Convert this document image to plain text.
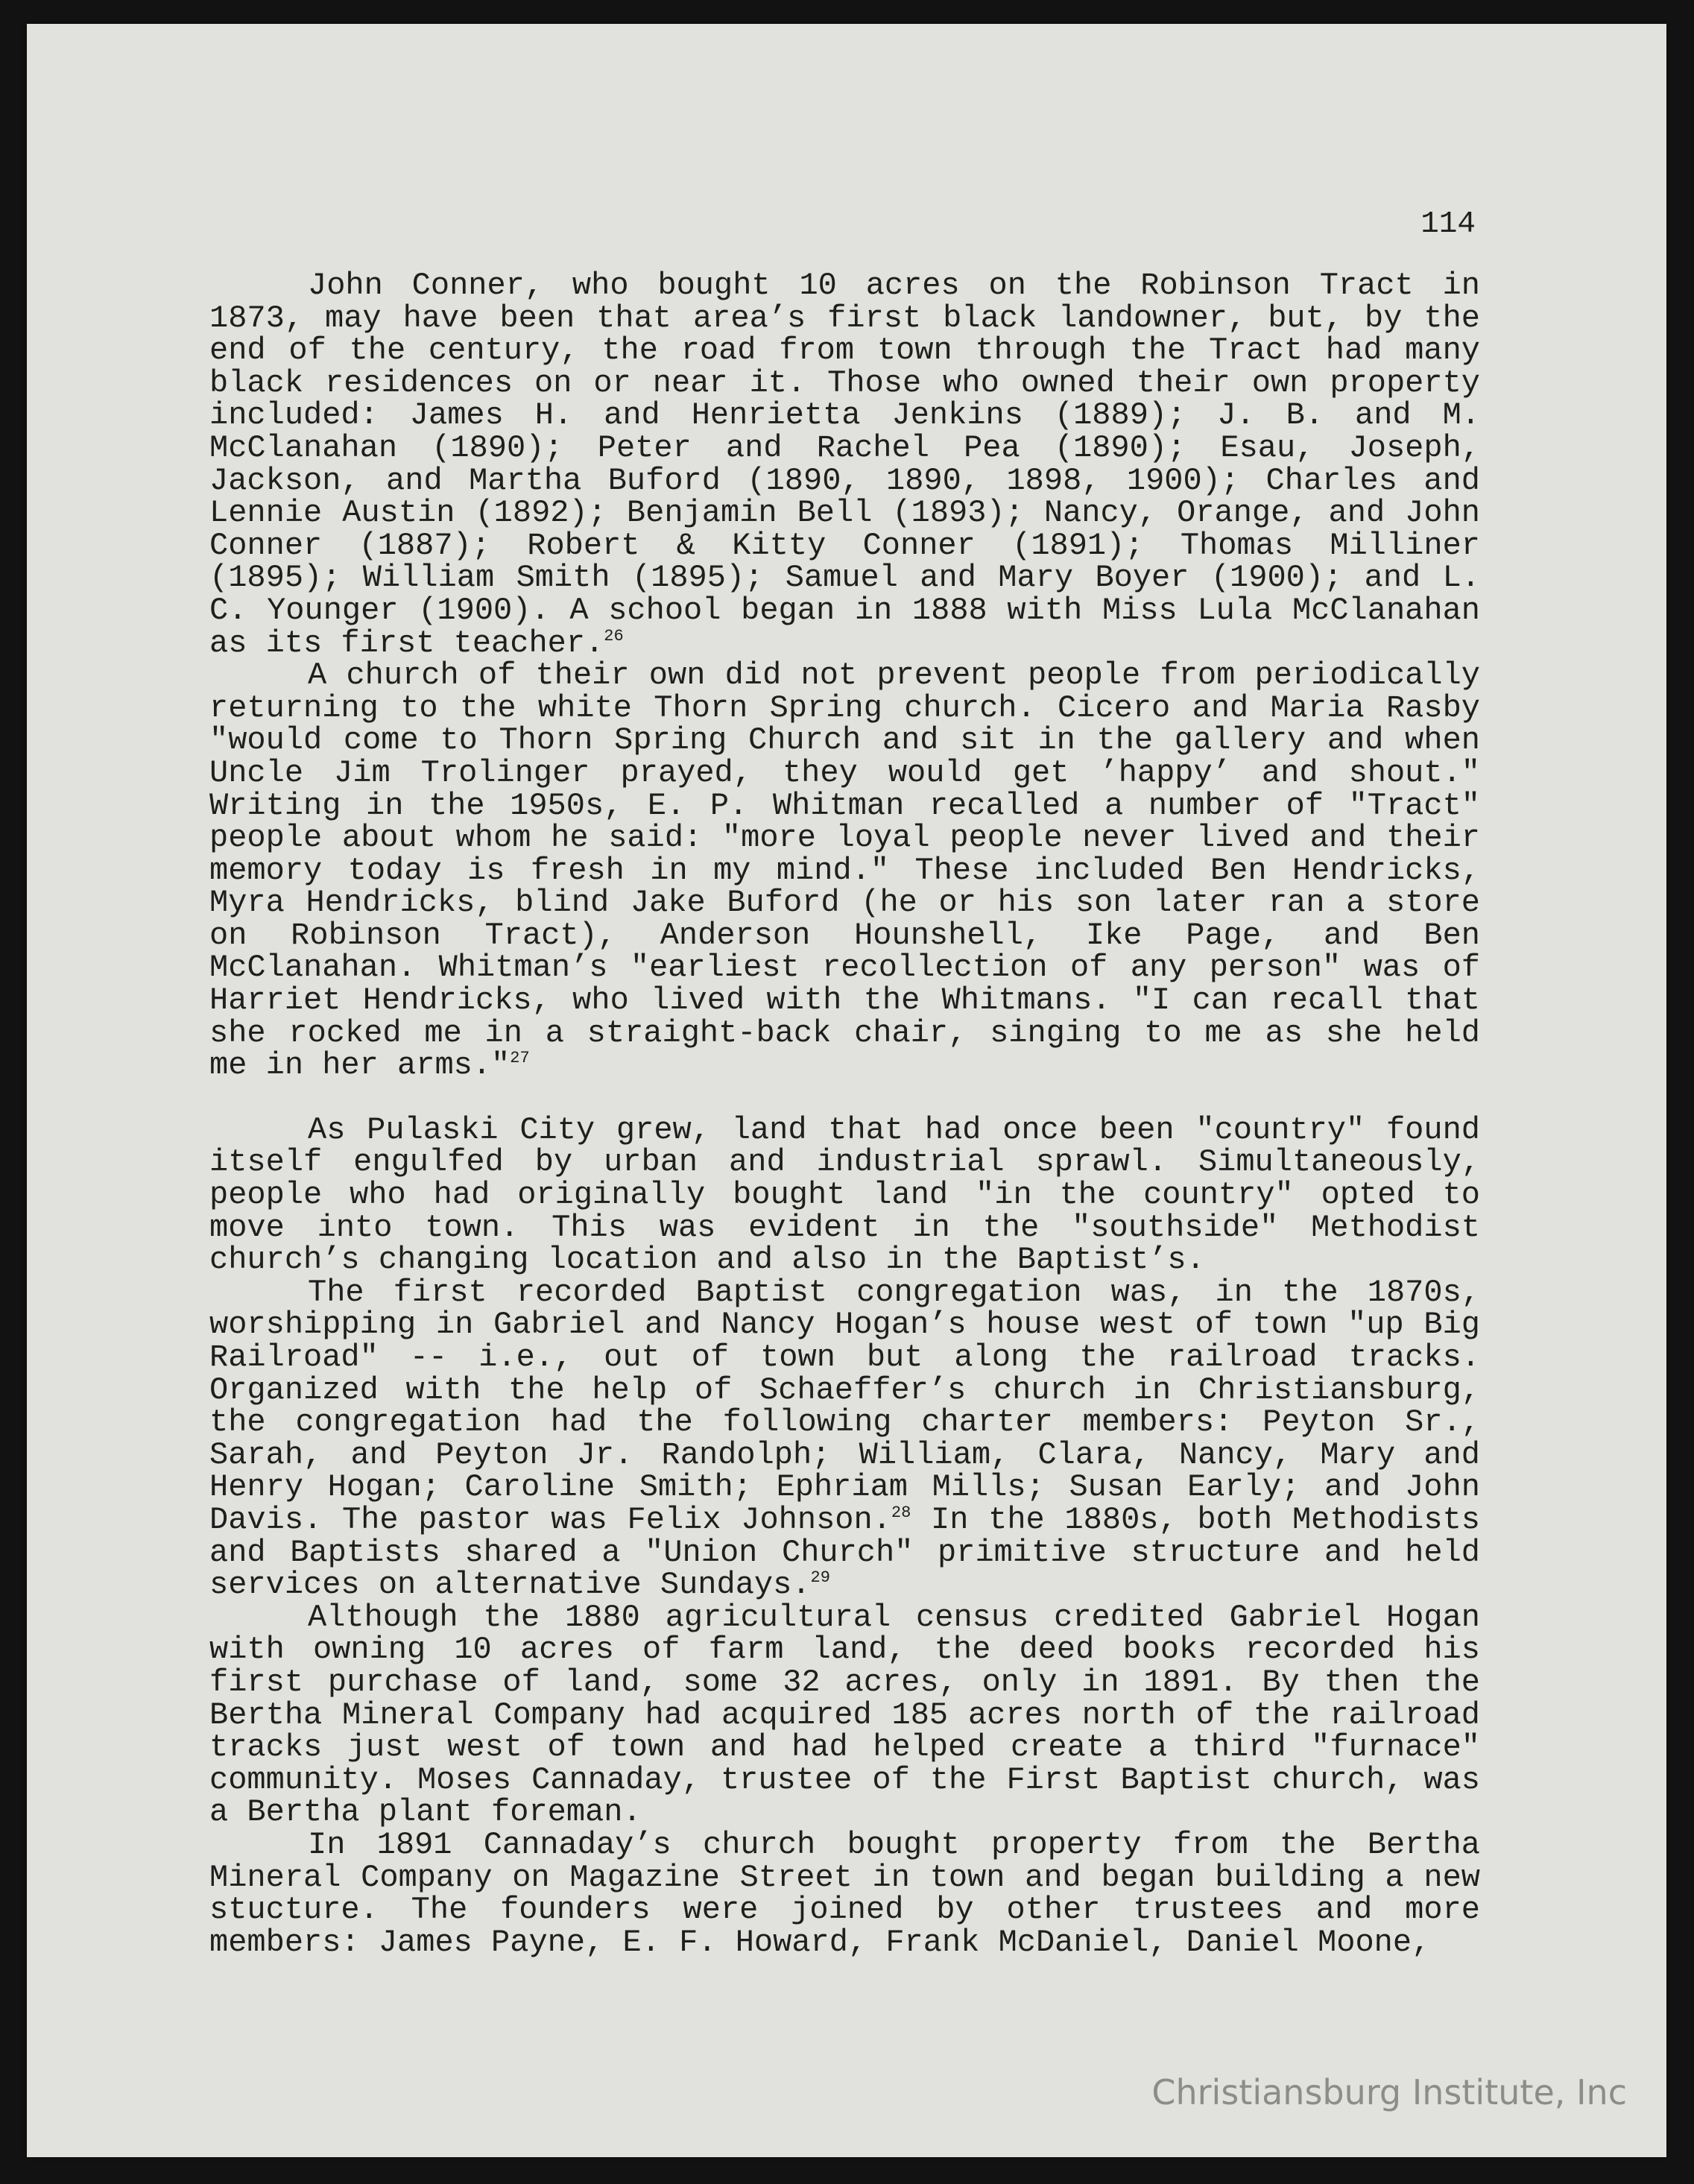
114

John Conner, who bought 10 acres on the Robinson Tract in 1873, may have been that area’s first black landowner, but, by the end of the century, the road from town through the Tract had many black residences on or near it. Those who owned their own property included: James H. and Henrietta Jenkins (1889); J. B. and M. McClanahan (1890); Peter and Rachel Pea (1890); Esau, Joseph, Jackson, and Martha Buford (1890, 1890, 1898, 1900); Charles and Lennie Austin (1892); Benjamin Bell (1893); Nancy, Orange, and John Conner (1887); Robert & Kitty Conner (1891); Thomas Milliner (1895); William Smith (1895); Samuel and Mary Boyer (1900); and L. C. Younger (1900). A school began in 1888 with Miss Lula McClanahan as its first teacher.$^{26}$

A church of their own did not prevent people from periodically returning to the white Thorn Spring church. Cicero and Maria Rasby "would come to Thorn Spring Church and sit in the gallery and when Uncle Jim Trolinger prayed, they would get ’happy’ and shout." Writing in the 1950s, E. P. Whitman recalled a number of "Tract" people about whom he said: "more loyal people never lived and their memory today is fresh in my mind." These included Ben Hendricks, Myra Hendricks, blind Jake Buford (he or his son later ran a store on Robinson Tract), Anderson Hounshell, Ike Page, and Ben McClanahan. Whitman’s "earliest recollection of any person" was of Harriet Hendricks, who lived with the Whitmans. "I can recall that she rocked me in a straight-back chair, singing to me as she held me in her arms."$^{27}$

As Pulaski City grew, land that had once been "country" found itself engulfed by urban and industrial sprawl. Simultaneously, people who had originally bought land "in the country" opted to move into town. This was evident in the "southside" Methodist church’s changing location and also in the Baptist’s.

The first recorded Baptist congregation was, in the 1870s, worshipping in Gabriel and Nancy Hogan’s house west of town "up Big Railroad" -- i.e., out of town but along the railroad tracks. Organized with the help of Schaeffer’s church in Christiansburg, the congregation had the following charter members: Peyton Sr., Sarah, and Peyton Jr. Randolph; William, Clara, Nancy, Mary and Henry Hogan; Caroline Smith; Ephriam Mills; Susan Early; and John Davis. The pastor was Felix Johnson.$^{28}$ In the 1880s, both Methodists and Baptists shared a "Union Church" primitive structure and held services on alternative Sundays.$^{29}$

Although the 1880 agricultural census credited Gabriel Hogan with owning 10 acres of farm land, the deed books recorded his first purchase of land, some 32 acres, only in 1891. By then the Bertha Mineral Company had acquired 185 acres north of the railroad tracks just west of town and had helped create a third "furnace" community. Moses Cannaday, trustee of the First Baptist church, was a Bertha plant foreman.

In 1891 Cannaday’s church bought property from the Bertha Mineral Company on Magazine Street in town and began building a new stucture. The founders were joined by other trustees and more members: James Payne, E. F. Howard, Frank McDaniel, Daniel Moone,

Christiansburg Institute, Inc
